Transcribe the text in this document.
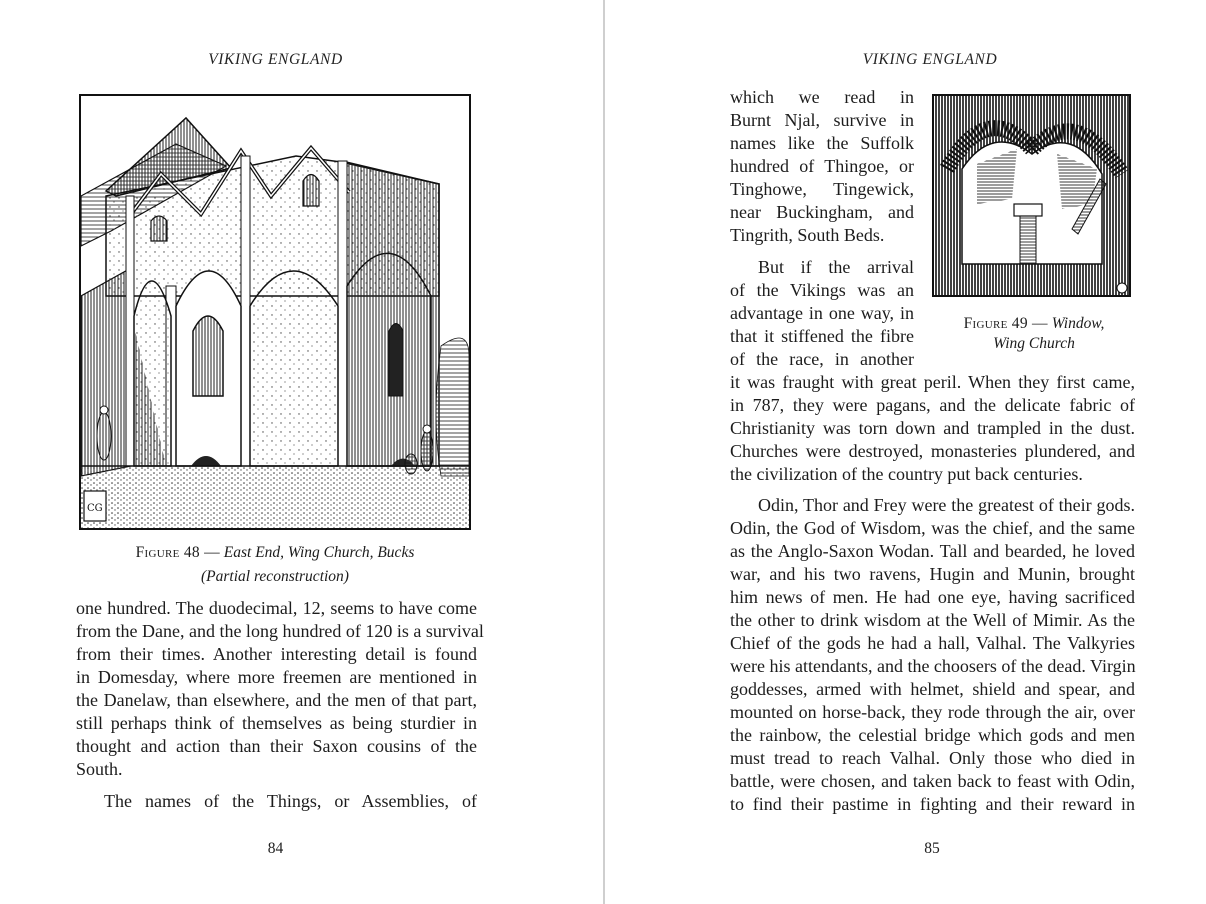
VIKING ENGLAND
CG
Figure 48 — East End, Wing Church, Bucks
(Partial reconstruction)
one hundred. The duodecimal, 12, seems to have come
from the Dane, and the long hundred of 120 is a survival
from their times. Another interesting detail is found
in Domesday, where more freemen are mentioned in
the Danelaw, than elsewhere, and the men of that part,
still perhaps think of themselves as being sturdier in
thought and action than their Saxon cousins of the
South.
The names of the Things, or Assemblies, of
84
VIKING ENGLAND
85
Figure 49 — Window,
Wing Church
which we read in
Burnt Njal, survive in
names like the Suffolk
hundred of Thingoe, or
Tinghowe, Tingewick,
near Buckingham, and
Tingrith, South Beds.
But if the arrival
of the Vikings was an
advantage in one way, in
that it stiffened the fibre
of the race, in another
it was fraught with great peril. When they first came,
in 787, they were pagans, and the delicate fabric of
Christianity was torn down and trampled in the dust.
Churches were destroyed, monasteries plundered, and
the civilization of the country put back centuries.
Odin, Thor and Frey were the greatest of their gods.
Odin, the God of Wisdom, was the chief, and the same
as the Anglo-Saxon Wodan. Tall and bearded, he loved
war, and his two ravens, Hugin and Munin, brought
him news of men. He had one eye, having sacrificed
the other to drink wisdom at the Well of Mimir. As the
Chief of the gods he had a hall, Valhal. The Valkyries
were his attendants, and the choosers of the dead. Virgin
goddesses, armed with helmet, shield and spear, and
mounted on horse-back, they rode through the air, over
the rainbow, the celestial bridge which gods and men
must tread to reach Valhal. Only those who died in
battle, were chosen, and taken back to feast with Odin,
to find their pastime in fighting and their reward in
